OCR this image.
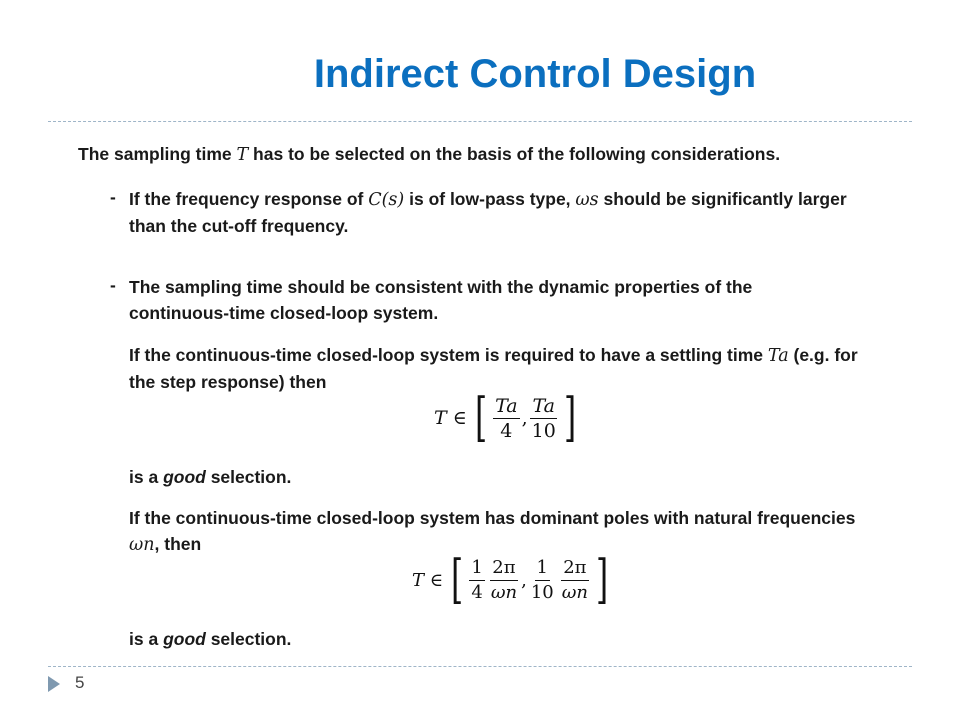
Indirect Control Design
The sampling time T has to be selected on the basis of the following considerations.
- If the frequency response of C(s) is of low-pass type, ωs should be significantly larger
than the cut-off frequency.
- The sampling time should be consistent with the dynamic properties of the
continuous-time closed-loop system.
If the continuous-time closed-loop system is required to have a settling time Ta (e.g. for
the step response) then
T ∈ [ $\frac{Ta}{4}$ , $\frac{Ta}{10}$ ]
is a good selection.
If the continuous-time closed-loop system has dominant poles with natural frequencies
ωn, then
T ∈ [ $\frac{1}{4} \frac{2\pi}{\omega n}$ , $\frac{1}{10} \frac{2\pi}{\omega n}$ ]
is a good selection.
5
